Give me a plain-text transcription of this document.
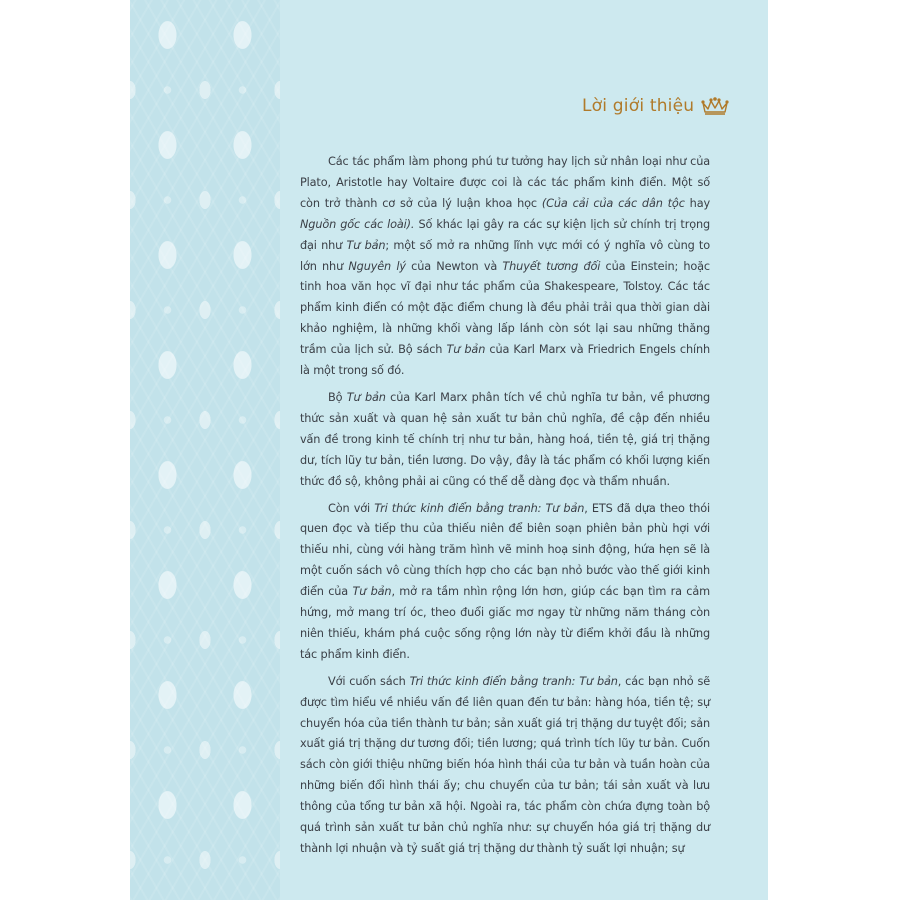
Lời giới thiệu

Các tác phẩm làm phong phú tư tưởng hay lịch sử nhân loại như của Plato, Aristotle hay Voltaire được coi là các tác phẩm kinh điển. Một số còn trở thành cơ sở của lý luận khoa học (Của cải của các dân tộc hay Nguồn gốc các loài). Số khác lại gây ra các sự kiện lịch sử chính trị trọng đại như Tư bản; một số mở ra những lĩnh vực mới có ý nghĩa vô cùng to lớn như Nguyên lý của Newton và Thuyết tương đối của Einstein; hoặc tinh hoa văn học vĩ đại như tác phẩm của Shakespeare, Tolstoy. Các tác phẩm kinh điển có một đặc điểm chung là đều phải trải qua thời gian dài khảo nghiệm, là những khối vàng lấp lánh còn sót lại sau những thăng trầm của lịch sử. Bộ sách Tư bản của Karl Marx và Friedrich Engels chính là một trong số đó.

Bộ Tư bản của Karl Marx phân tích về chủ nghĩa tư bản, về phương thức sản xuất và quan hệ sản xuất tư bản chủ nghĩa, đề cập đến nhiều vấn đề trong kinh tế chính trị như tư bản, hàng hoá, tiền tệ, giá trị thặng dư, tích lũy tư bản, tiền lương. Do vậy, đây là tác phẩm có khối lượng kiến thức đồ sộ, không phải ai cũng có thể dễ dàng đọc và thẩm nhuần.

Còn với Tri thức kinh điển bằng tranh: Tư bản, ETS đã dựa theo thói quen đọc và tiếp thu của thiếu niên để biên soạn phiên bản phù hợi với thiếu nhi, cùng với hàng trăm hình vẽ minh hoạ sinh động, hứa hẹn sẽ là một cuốn sách vô cùng thích hợp cho các bạn nhỏ bước vào thế giới kinh điển của Tư bản, mở ra tầm nhìn rộng lớn hơn, giúp các bạn tìm ra cảm hứng, mở mang trí óc, theo đuổi giấc mơ ngay từ những năm tháng còn niên thiếu, khám phá cuộc sống rộng lớn này từ điểm khởi đầu là những tác phẩm kinh điển.

Với cuốn sách Tri thức kinh điển bằng tranh: Tư bản, các bạn nhỏ sẽ được tìm hiểu về nhiều vấn đề liên quan đến tư bản: hàng hóa, tiền tệ; sự chuyển hóa của tiền thành tư bản; sản xuất giá trị thặng dư tuyệt đối; sản xuất giá trị thặng dư tương đối; tiền lương; quá trình tích lũy tư bản. Cuốn sách còn giới thiệu những biến hóa hình thái của tư bản và tuần hoàn của những biến đổi hình thái ấy; chu chuyển của tư bản; tái sản xuất và lưu thông của tổng tư bản xã hội. Ngoài ra, tác phẩm còn chứa đựng toàn bộ quá trình sản xuất tư bản chủ nghĩa như: sự chuyển hóa giá trị thặng dư thành lợi nhuận và tỷ suất giá trị thặng dư thành tỷ suất lợi nhuận; sự
